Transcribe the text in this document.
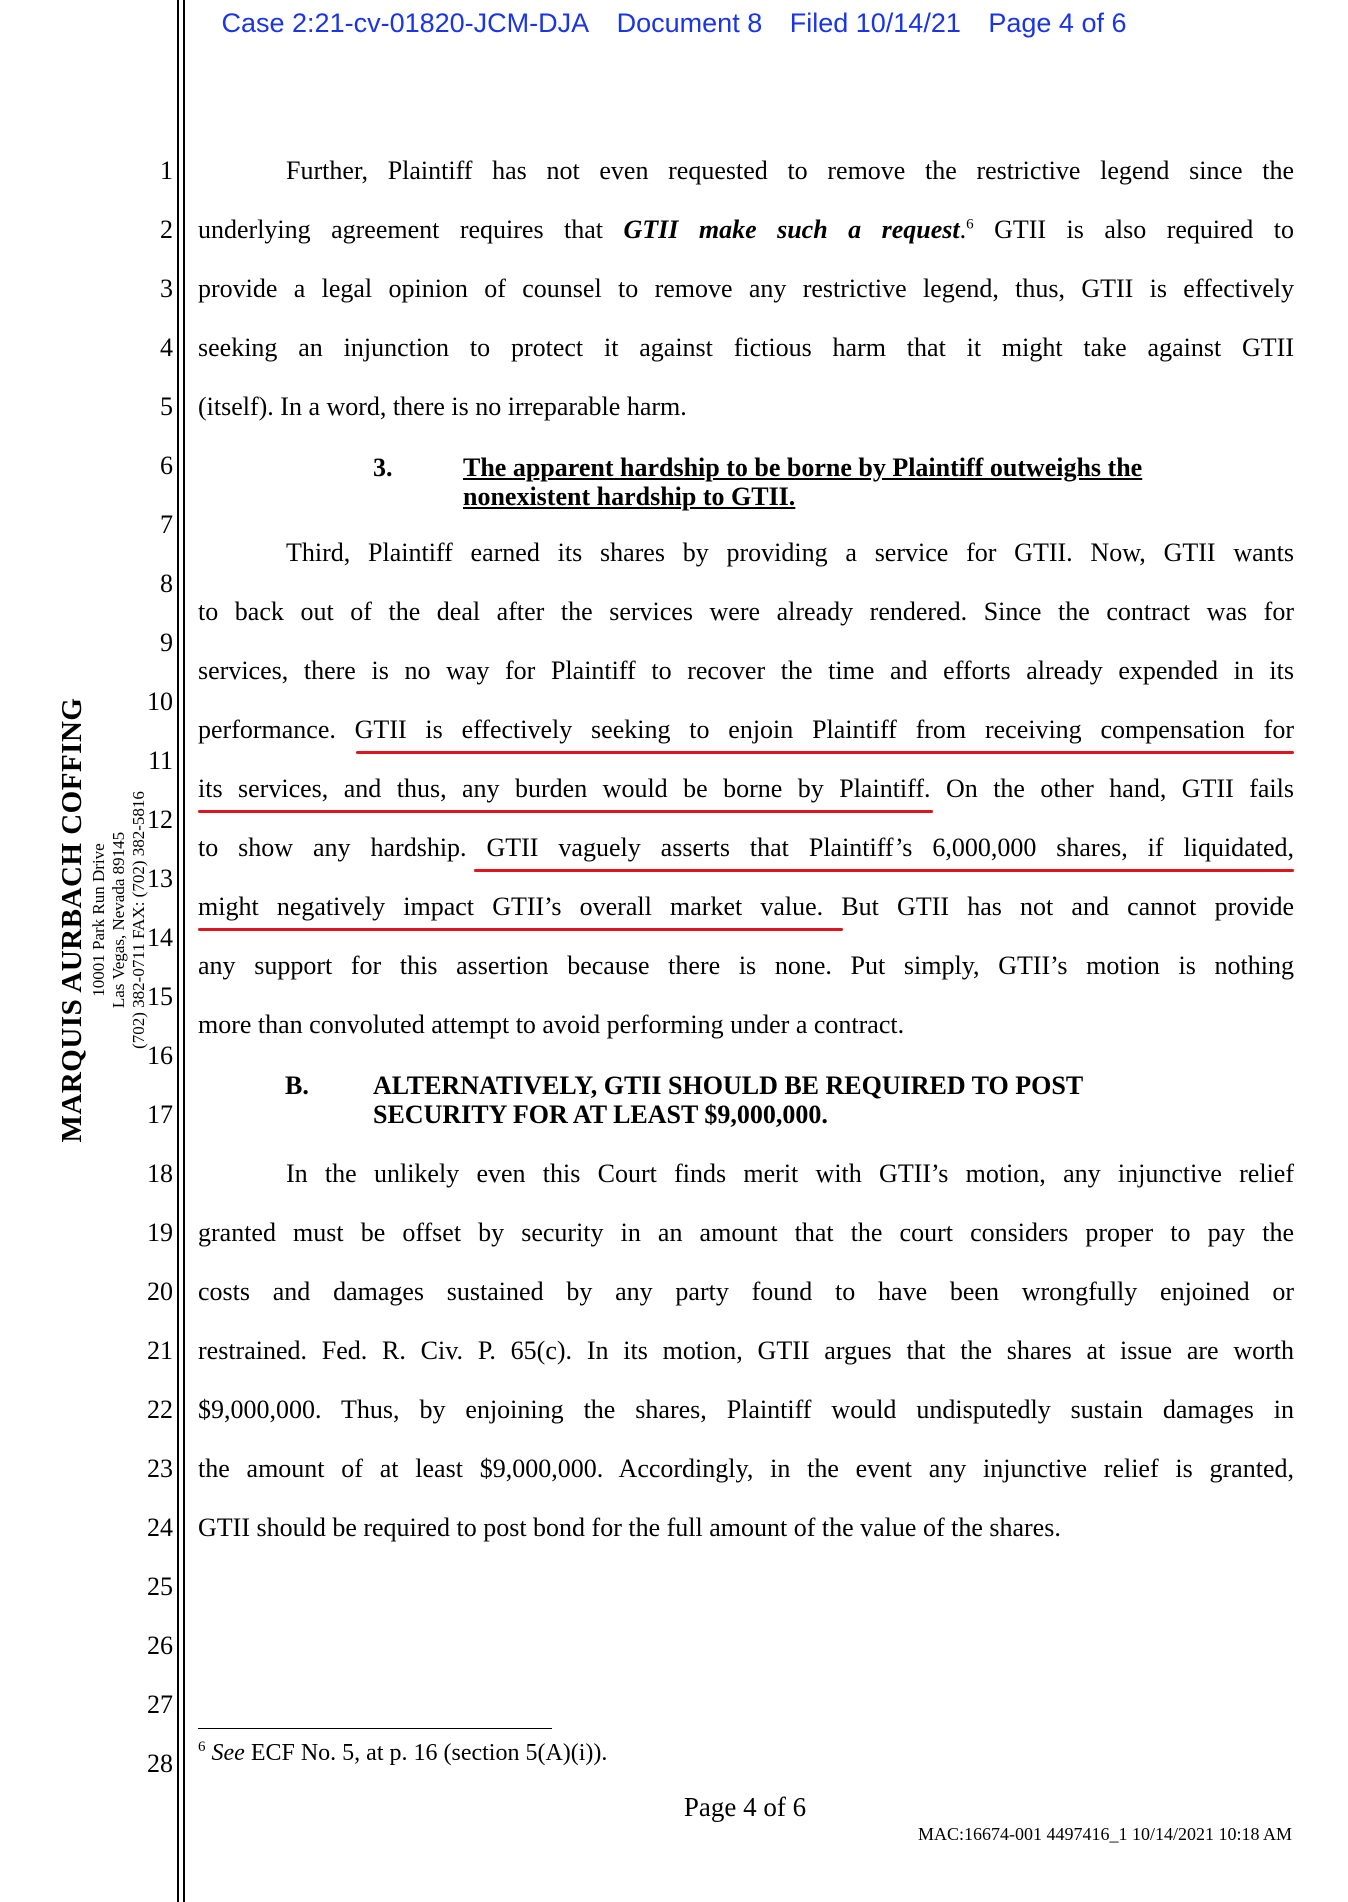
Case 2:21-cv-01820-JCM-DJA Document 8 Filed 10/14/21 Page 4 of 6
MARQUIS AURBACH COFFING 10001 Park Run Drive Las Vegas, Nevada 89145 (702) 382-0711 FAX: (702) 382-5816
1
2
3
4
5
6
7
8
9
10
11
12
13
14
15
16
17
18
19
20
21
22
23
24
25
26
27
28
Further, Plaintiff has not even requested to remove the restrictive legend since the
underlying agreement requires that GTII make such a request.$^6$ GTII is also required to
provide a legal opinion of counsel to remove any restrictive legend, thus, GTII is effectively
seeking an injunction to protect it against fictious harm that it might take against GTII
(itself). In a word, there is no irreparable harm.
3.	The apparent hardship to be borne by Plaintiff outweighs the
nonexistent hardship to GTII.
Third, Plaintiff earned its shares by providing a service for GTII. Now, GTII wants
to back out of the deal after the services were already rendered. Since the contract was for
services, there is no way for Plaintiff to recover the time and efforts already expended in its
performance. GTII is effectively seeking to enjoin Plaintiff from receiving compensation for
its services, and thus, any burden would be borne by Plaintiff. On the other hand, GTII fails
to show any hardship. GTII vaguely asserts that Plaintiff’s 6,000,000 shares, if liquidated,
might negatively impact GTII’s overall market value. But GTII has not and cannot provide
any support for this assertion because there is none. Put simply, GTII’s motion is nothing
more than convoluted attempt to avoid performing under a contract.
B.	ALTERNATIVELY, GTII SHOULD BE REQUIRED TO POST
SECURITY FOR AT LEAST $9,000,000.
In the unlikely even this Court finds merit with GTII’s motion, any injunctive relief
granted must be offset by security in an amount that the court considers proper to pay the
costs and damages sustained by any party found to have been wrongfully enjoined or
restrained. Fed. R. Civ. P. 65(c). In its motion, GTII argues that the shares at issue are worth
$9,000,000. Thus, by enjoining the shares, Plaintiff would undisputedly sustain damages in
the amount of at least $9,000,000. Accordingly, in the event any injunctive relief is granted,
GTII should be required to post bond for the full amount of the value of the shares.
$^6$ See ECF No. 5, at p. 16 (section 5(A)(i)).
Page 4 of 6
MAC:16674-001 4497416_1 10/14/2021 10:18 AM
